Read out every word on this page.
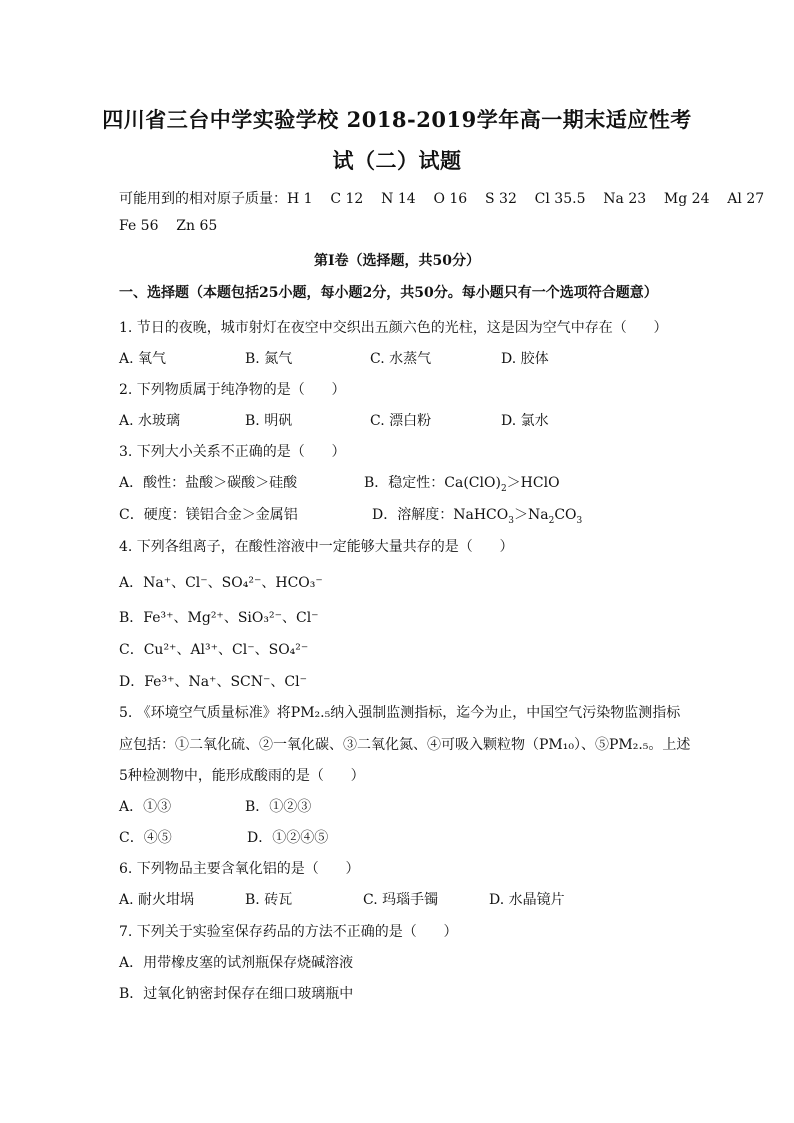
四川省三台中学实验学校 2018-2019学年高一期末适应性考
试（二）试题
可能用到的相对原子质量：H 1    C 12    N 14    O 16    S 32    Cl 35.5    Na 23    Mg 24    Al 27
Fe 56    Zn 65
第Ⅰ卷（选择题，共50分）
一、选择题（本题包括25小题，每小题2分，共50分。每小题只有一个选项符合题意）
1. 节日的夜晚，城市射灯在夜空中交织出五颜六色的光柱，这是因为空气中存在（      ）
A. 氧气	B. 氮气	C. 水蒸气	D. 胶体
2. 下列物质属于纯净物的是（      ）
A. 水玻璃	B. 明矾	C. 漂白粉	D. 氯水
3. 下列大小关系不正确的是（      ）
A．酸性：盐酸＞碳酸＞硅酸	B．稳定性：$Ca(ClO)_2>HClO$
C．硬度：镁铝合金＞金属铝	D．溶解度：$NaHCO_3>Na_2CO_3$
4. 下列各组离子，在酸性溶液中一定能够大量共存的是（      ）
A．Na⁺、Cl⁻、SO₄²⁻、HCO₃⁻
B．Fe³⁺、Mg²⁺、SiO₃²⁻、Cl⁻
C．Cu²⁺、Al³⁺、Cl⁻、SO₄²⁻
D．Fe³⁺、Na⁺、SCN⁻、Cl⁻
5. 《环境空气质量标准》将PM₂.₅纳入强制监测指标，迄今为止，中国空气污染物监测指标
应包括：①二氧化硫、②一氧化碳、③二氧化氮、④可吸入颗粒物（PM₁₀）、⑤PM₂.₅。上述
5种检测物中，能形成酸雨的是（      ）
A．①③	B．①②③
C．④⑤	D．①②④⑤
6. 下列物品主要含氧化铝的是（      ）
A. 耐火坩埚	B. 砖瓦	C. 玛瑙手镯	D. 水晶镜片
7. 下列关于实验室保存药品的方法不正确的是（      ）
A．用带橡皮塞的试剂瓶保存烧碱溶液
B．过氧化钠密封保存在细口玻璃瓶中
